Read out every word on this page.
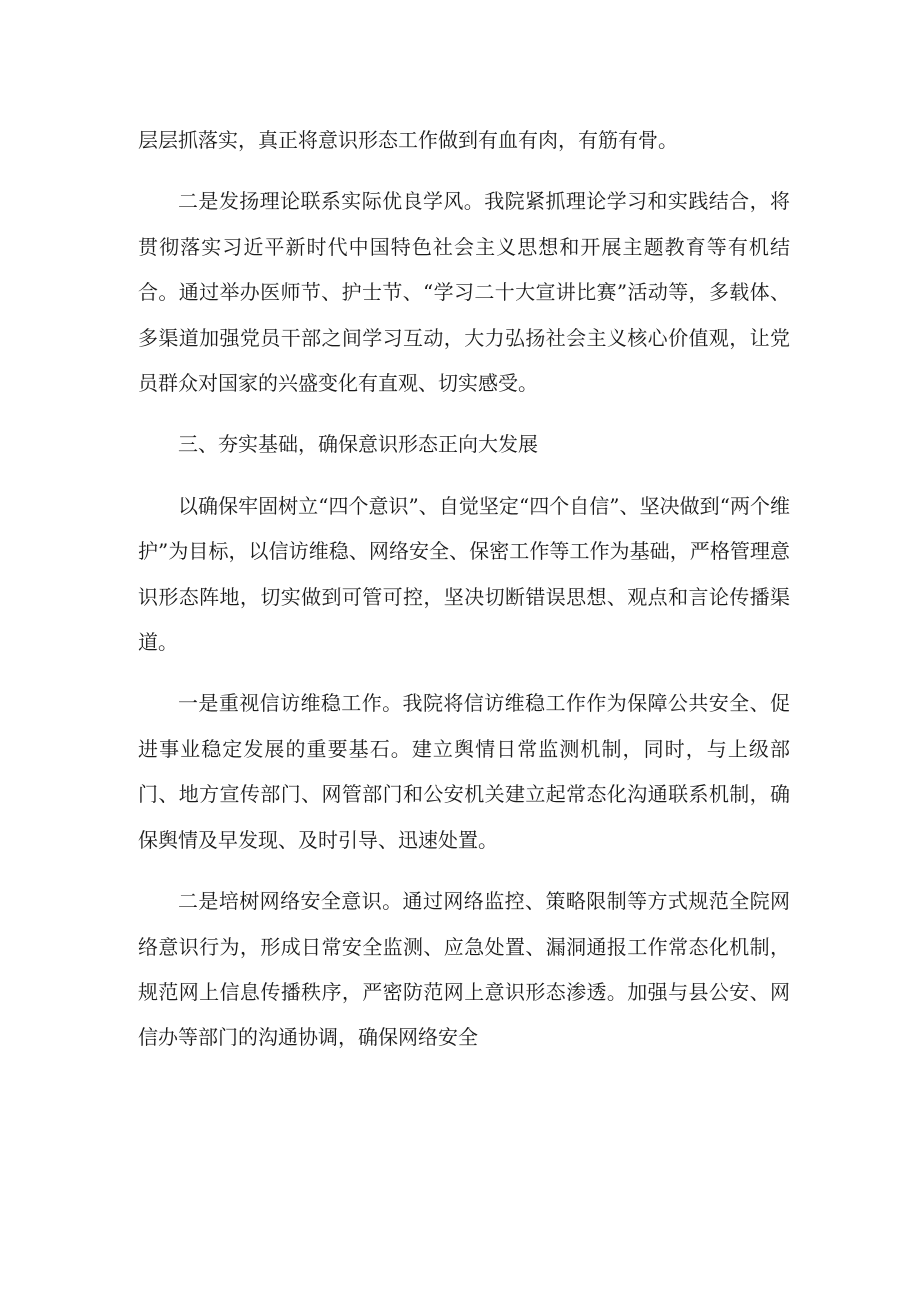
层层抓落实，真正将意识形态工作做到有血有肉，有筋有骨。

二是发扬理论联系实际优良学风。我院紧抓理论学习和实践结合，将贯彻落实习近平新时代中国特色社会主义思想和开展主题教育等有机结合。通过举办医师节、护士节、“学习二十大宣讲比赛”活动等，多载体、多渠道加强党员干部之间学习互动，大力弘扬社会主义核心价值观，让党员群众对国家的兴盛变化有直观、切实感受。

三、夯实基础，确保意识形态正向大发展

以确保牢固树立“四个意识”、自觉坚定“四个自信”、坚决做到“两个维护”为目标，以信访维稳、网络安全、保密工作等工作为基础，严格管理意识形态阵地，切实做到可管可控，坚决切断错误思想、观点和言论传播渠道。

一是重视信访维稳工作。我院将信访维稳工作作为保障公共安全、促进事业稳定发展的重要基石。建立舆情日常监测机制，同时，与上级部门、地方宣传部门、网管部门和公安机关建立起常态化沟通联系机制，确保舆情及早发现、及时引导、迅速处置。

二是培树网络安全意识。通过网络监控、策略限制等方式规范全院网络意识行为，形成日常安全监测、应急处置、漏洞通报工作常态化机制，规范网上信息传播秩序，严密防范网上意识形态渗透。加强与县公安、网信办等部门的沟通协调，确保网络安全
